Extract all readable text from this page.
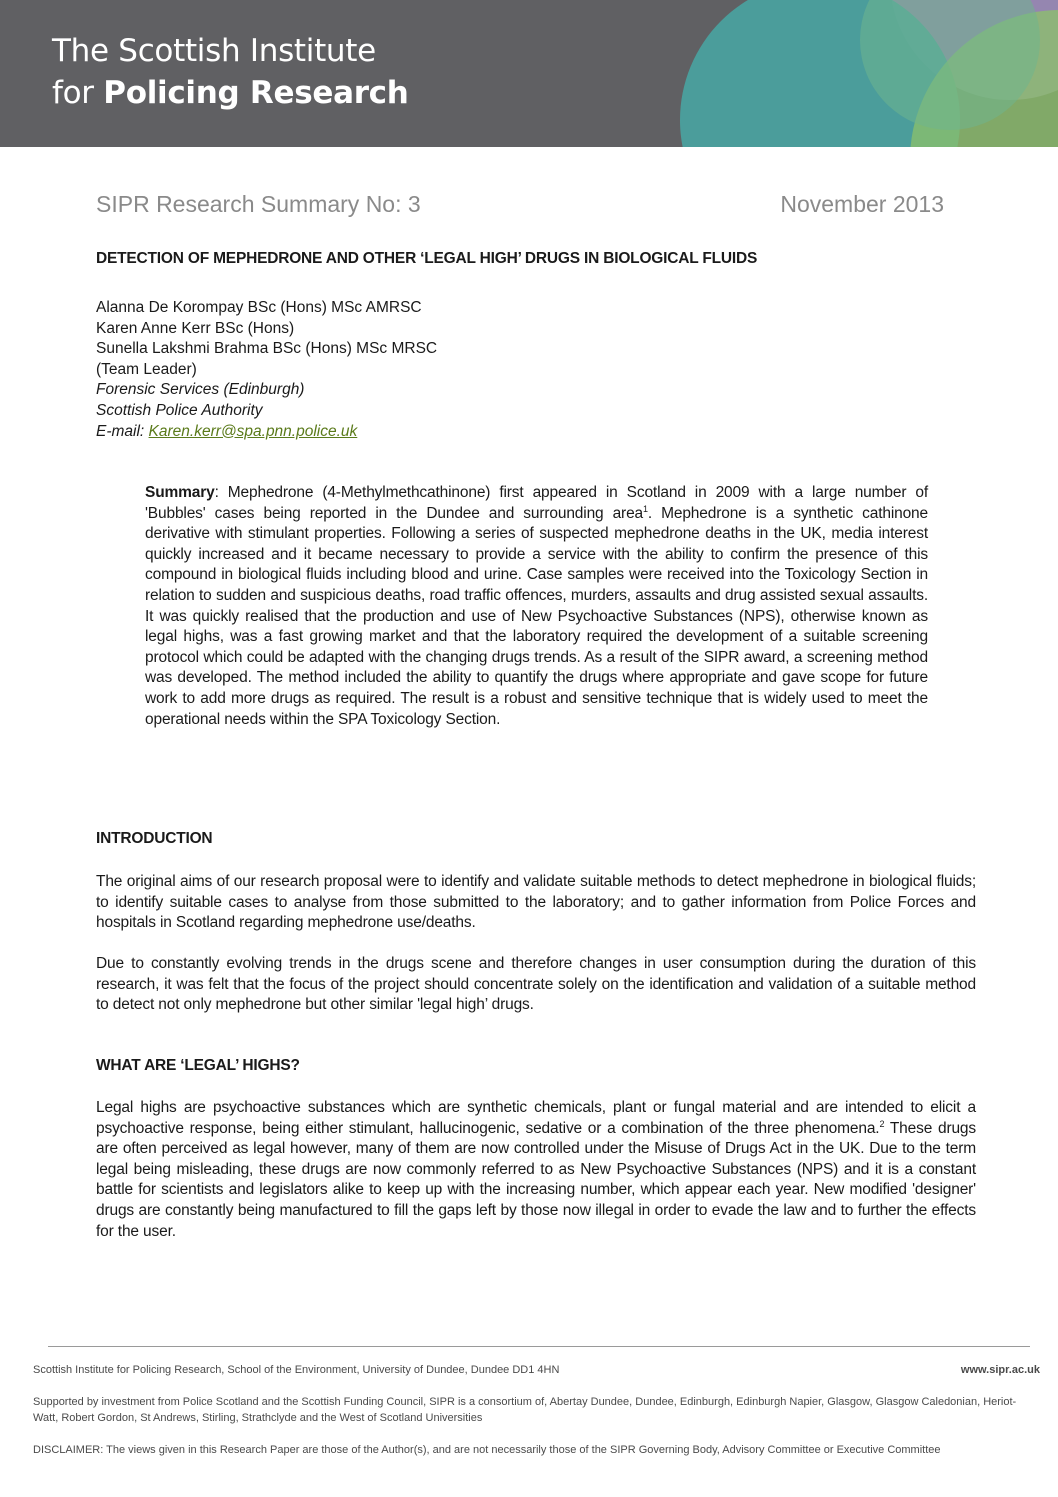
The Scottish Institute
for Policing Research
SIPR Research Summary No: 3	November 2013
DETECTION OF MEPHEDRONE AND OTHER ‘LEGAL HIGH’ DRUGS IN BIOLOGICAL FLUIDS
Alanna De Korompay BSc (Hons) MSc AMRSC
Karen Anne Kerr BSc (Hons)
Sunella Lakshmi Brahma BSc (Hons) MSc MRSC
(Team Leader)
Forensic Services (Edinburgh)
Scottish Police Authority
E-mail: Karen.kerr@spa.pnn.police.uk
Summary: Mephedrone (4-Methylmethcathinone) first appeared in Scotland in 2009 with a large number of 'Bubbles' cases being reported in the Dundee and surrounding area$^1$. Mephedrone is a synthetic cathinone derivative with stimulant properties. Following a series of suspected mephedrone deaths in the UK, media interest quickly increased and it became necessary to provide a service with the ability to confirm the presence of this compound in biological fluids including blood and urine. Case samples were received into the Toxicology Section in relation to sudden and suspicious deaths, road traffic offences, murders, assaults and drug assisted sexual assaults. It was quickly realised that the production and use of New Psychoactive Substances (NPS), otherwise known as legal highs, was a fast growing market and that the laboratory required the development of a suitable screening protocol which could be adapted with the changing drugs trends. As a result of the SIPR award, a screening method was developed. The method included the ability to quantify the drugs where appropriate and gave scope for future work to add more drugs as required. The result is a robust and sensitive technique that is widely used to meet the operational needs within the SPA Toxicology Section.
INTRODUCTION
The original aims of our research proposal were to identify and validate suitable methods to detect mephedrone in biological fluids; to identify suitable cases to analyse from those submitted to the laboratory; and to gather information from Police Forces and hospitals in Scotland regarding mephedrone use/deaths.
Due to constantly evolving trends in the drugs scene and therefore changes in user consumption during the duration of this research, it was felt that the focus of the project should concentrate solely on the identification and validation of a suitable method to detect not only mephedrone but other similar 'legal high’ drugs.
WHAT ARE ‘LEGAL’ HIGHS?
Legal highs are psychoactive substances which are synthetic chemicals, plant or fungal material and are intended to elicit a psychoactive response, being either stimulant, hallucinogenic, sedative or a combination of the three phenomena.$^2$ These drugs are often perceived as legal however, many of them are now controlled under the Misuse of Drugs Act in the UK. Due to the term legal being misleading, these drugs are now commonly referred to as New Psychoactive Substances (NPS) and it is a constant battle for scientists and legislators alike to keep up with the increasing number, which appear each year. New modified 'designer' drugs are constantly being manufactured to fill the gaps left by those now illegal in order to evade the law and to further the effects for the user.
Scottish Institute for Policing Research, School of the Environment, University of Dundee, Dundee DD1 4HN	www.sipr.ac.uk
Supported by investment from Police Scotland and the Scottish Funding Council, SIPR is a consortium of, Abertay Dundee, Dundee, Edinburgh, Edinburgh Napier, Glasgow, Glasgow Caledonian, Heriot-Watt, Robert Gordon, St Andrews, Stirling, Strathclyde and the West of Scotland Universities
DISCLAIMER: The views given in this Research Paper are those of the Author(s), and are not necessarily those of the SIPR Governing Body, Advisory Committee or Executive Committee
